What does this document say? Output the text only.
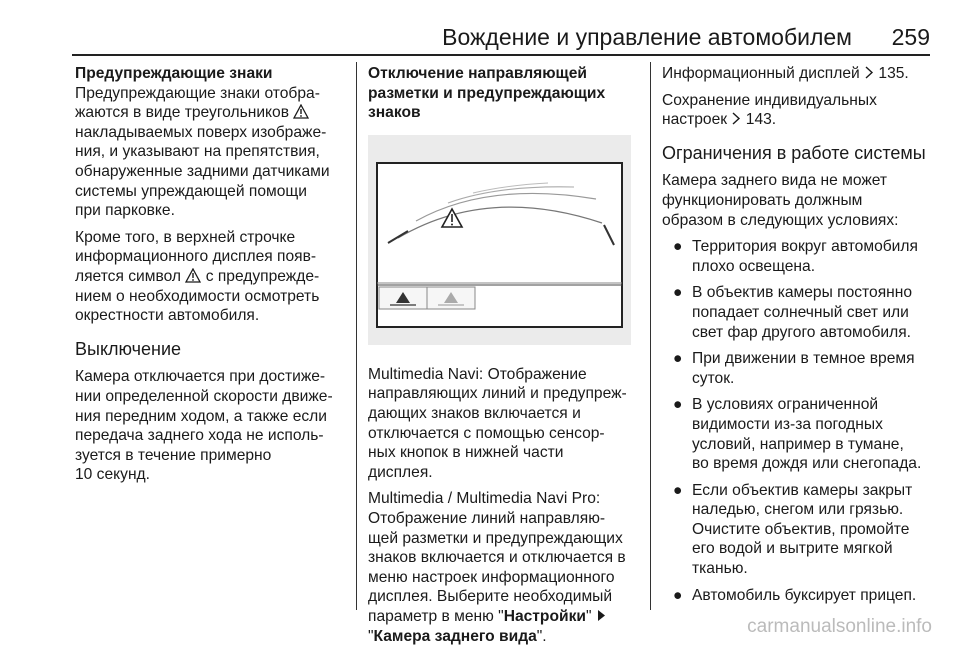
Вождение и управление автомобилем 259

Предупреждающие знаки
Предупреждающие знаки отобра-
жаются в виде треугольников
накладываемых поверх изображе-
ния, и указывают на препятствия,
обнаруженные задними датчиками
системы упреждающей помощи
при парковке.

Кроме того, в верхней строчке
информационного дисплея появ-
ляется символ с предупрежде-
нием о необходимости осмотреть
окрестности автомобиля.

Выключение

Камера отключается при достиже-
нии определенной скорости движе-
ния передним ходом, а также если
передача заднего хода не исполь-
зуется в течение примерно
10 секунд.

Отключение направляющей
разметки и предупреждающих
знаков

Multimedia Navi: Отображение
направляющих линий и предупреж-
дающих знаков включается и
отключается с помощью сенсор-
ных кнопок в нижней части
дисплея.

Multimedia / Multimedia Navi Pro:
Отображение линий направляю-
щей разметки и предупреждающих
знаков включается и отключается в
меню настроек информационного
дисплея. Выберите необходимый
параметр в меню "Настройки"
"Камера заднего вида".

Информационный дисплей 135.

Сохранение индивидуальных
настроек 143.

Ограничения в работе системы

Камера заднего вида не может
функционировать должным
образом в следующих условиях:

● Территория вокруг автомобиля
плохо освещена.
● В объектив камеры постоянно
попадает солнечный свет или
свет фар другого автомобиля.
● При движении в темное время
суток.
● В условиях ограниченной
видимости из-за погодных
условий, например в тумане,
во время дождя или снегопада.
● Если объектив камеры закрыт
наледью, снегом или грязью.
Очистите объектив, промойте
его водой и вытрите мягкой
тканью.
● Автомобиль буксирует прицеп.
carmanualsonline.info
